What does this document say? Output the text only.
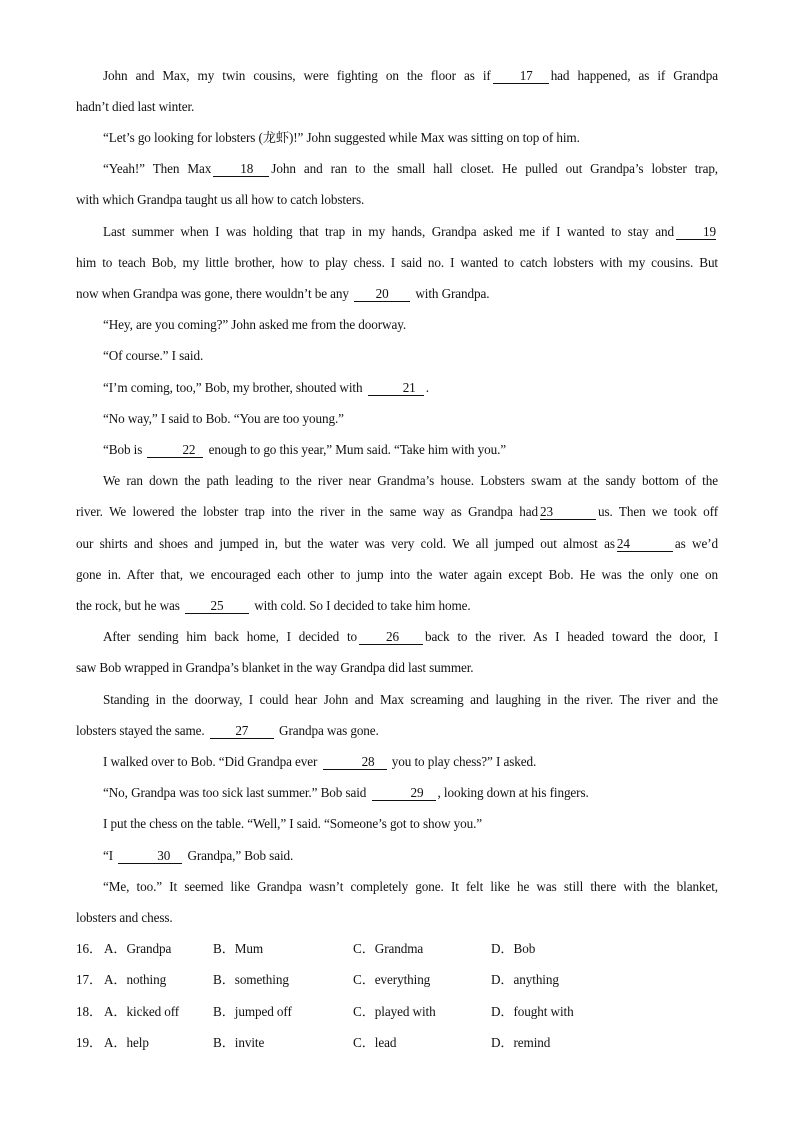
John and Max, my twin cousins, were fighting on the floor as if 17 had happened, as if Grandpa
hadn’t died last winter.
“Let’s go looking for lobsters (龙虾)!” John suggested while Max was sitting on top of him.
“Yeah!” Then Max 18 John and ran to the small hall closet. He pulled out Grandpa’s lobster trap,
with which Grandpa taught us all how to catch lobsters.
Last summer when I was holding that trap in my hands, Grandpa asked me if I wanted to stay and 19
him to teach Bob, my little brother, how to play chess. I said no. I wanted to catch lobsters with my cousins. But
now when Grandpa was gone, there wouldn’t be any 20 with Grandpa.
“Hey, are you coming?” John asked me from the doorway.
“Of course.” I said.
“I’m coming, too,” Bob, my brother, shouted with	21 .
“No way,” I said to Bob. “You are too young.”
“Bob is	22 enough to go this year,” Mum said. “Take him with you.”
We ran down the path leading to the river near Grandma’s house. Lobsters swam at the sandy bottom of the
river. We lowered the lobster trap into the river in the same way as Grandpa had 23	us. Then we took off
our shirts and shoes and jumped in, but the water was very cold. We all jumped out almost as 24	as we’d
gone in. After that, we encouraged each other to jump into the water again except Bob. He was the only one on
the rock, but he was 25 with cold. So I decided to take him home.
After sending him back home, I decided to 26 back to the river. As I headed toward the door, I
saw Bob wrapped in Grandpa’s blanket in the way Grandpa did last summer.
Standing in the doorway, I could hear John and Max screaming and laughing in the river. The river and the
lobsters stayed the same. 27 Grandpa was gone.
I walked over to Bob. “Did Grandpa ever	28 you to play chess?” I asked.
“No, Grandpa was too sick last summer.” Bob said	29 , looking down at his fingers.
I put the chess on the table. “Well,” I said. “Someone’s got to show you.”
“I	30 Grandpa,” Bob said.
“Me, too.” It seemed like Grandpa wasn’t completely gone. It felt like he was still there with the blanket,
lobsters and chess.
16． A．Grandpa	B．Mum	C．Grandma	D．Bob
17． A．nothing	B．something	C．everything	D．anything
18． A．kicked off	B．jumped off	C．played with	D．fought with
19． A．help	B．invite	C．lead	D．remind
